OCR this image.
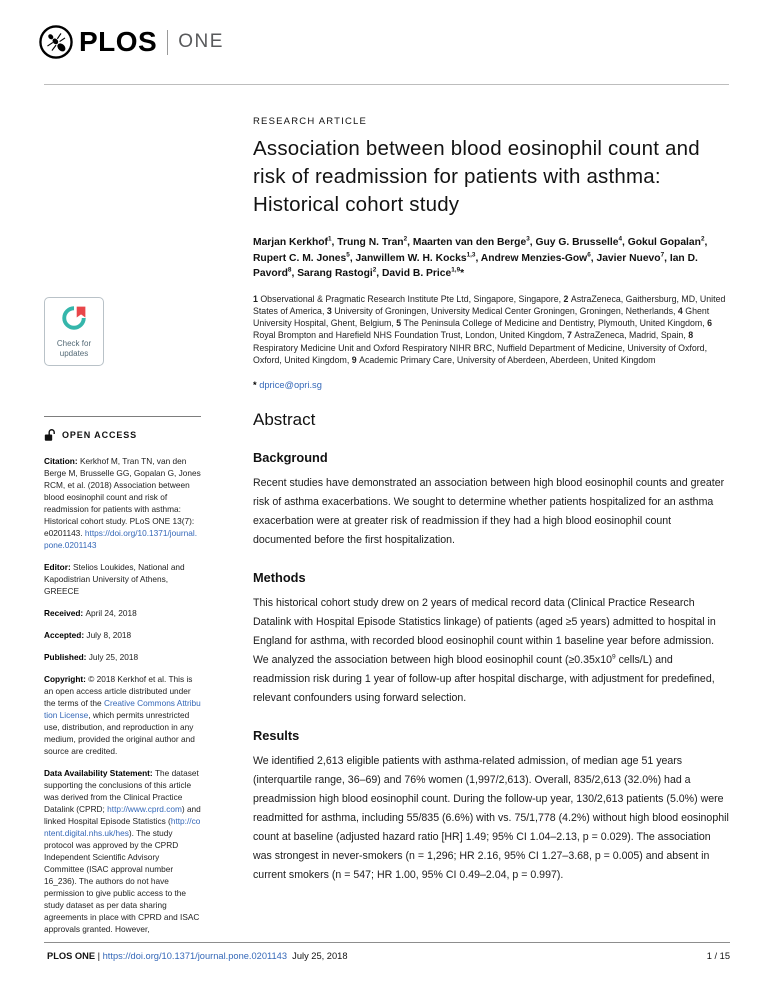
PLOS ONE
Check for
updates
OPEN ACCESS

Citation: Kerkhof M, Tran TN, van den Berge M, Brusselle GG, Gopalan G, Jones RCM, et al. (2018) Association between blood eosinophil count and risk of readmission for patients with asthma: Historical cohort study. PLoS ONE 13(7): e0201143. https://doi.org/10.1371/journal.pone.0201143

Editor: Stelios Loukides, National and Kapodistrian University of Athens, GREECE

Received: April 24, 2018

Accepted: July 8, 2018

Published: July 25, 2018

Copyright: © 2018 Kerkhof et al. This is an open access article distributed under the terms of the Creative Commons Attribution License, which permits unrestricted use, distribution, and reproduction in any medium, provided the original author and source are credited.

Data Availability Statement: The dataset supporting the conclusions of this article was derived from the Clinical Practice Datalink (CPRD; http://www.cprd.com) and linked Hospital Episode Statistics (http://content.digital.nhs.uk/hes). The study protocol was approved by the CPRD Independent Scientific Advisory Committee (ISAC approval number 16_236). The authors do not have permission to give public access to the study dataset as per data sharing agreements in place with CPRD and ISAC approvals granted. However,

RESEARCH ARTICLE
Association between blood eosinophil count and risk of readmission for patients with asthma: Historical cohort study

Marjan Kerkhof$^1$, Trung N. Tran$^2$, Maarten van den Berge$^3$, Guy G. Brusselle$^4$, Gokul Gopalan$^2$, Rupert C. M. Jones$^5$, Janwillem W. H. Kocks$^{1,3}$, Andrew Menzies-Gow$^6$, Javier Nuevo$^7$, Ian D. Pavord$^8$, Sarang Rastogi$^2$, David B. Price$^{1,9}$*

1 Observational & Pragmatic Research Institute Pte Ltd, Singapore, Singapore, 2 AstraZeneca, Gaithersburg, MD, United States of America, 3 University of Groningen, University Medical Center Groningen, Groningen, Netherlands, 4 Ghent University Hospital, Ghent, Belgium, 5 The Peninsula College of Medicine and Dentistry, Plymouth, United Kingdom, 6 Royal Brompton and Harefield NHS Foundation Trust, London, United Kingdom, 7 AstraZeneca, Madrid, Spain, 8 Respiratory Medicine Unit and Oxford Respiratory NIHR BRC, Nuffield Department of Medicine, University of Oxford, Oxford, United Kingdom, 9 Academic Primary Care, University of Aberdeen, Aberdeen, United Kingdom

* dprice@opri.sg

Abstract
Background

Recent studies have demonstrated an association between high blood eosinophil counts and greater risk of asthma exacerbations. We sought to determine whether patients hospitalized for an asthma exacerbation were at greater risk of readmission if they had a high blood eosinophil count documented before the first hospitalization.

Methods

This historical cohort study drew on 2 years of medical record data (Clinical Practice Research Datalink with Hospital Episode Statistics linkage) of patients (aged ≥5 years) admitted to hospital in England for asthma, with recorded blood eosinophil count within 1 baseline year before admission. We analyzed the association between high blood eosinophil count ($\ge 0.35x10^9$ cells/L) and readmission risk during 1 year of follow-up after hospital discharge, with adjustment for predefined, relevant confounders using forward selection.

Results

We identified 2,613 eligible patients with asthma-related admission, of median age 51 years (interquartile range, 36–69) and 76% women (1,997/2,613). Overall, 835/2,613 (32.0%) had a preadmission high blood eosinophil count. During the follow-up year, 130/2,613 patients (5.0%) were readmitted for asthma, including 55/835 (6.6%) with vs. 75/1,778 (4.2%) without high blood eosinophil count at baseline (adjusted hazard ratio [HR] 1.49; 95% CI 1.04–2.13, p = 0.029). The association was strongest in never-smokers (n = 1,296; HR 2.16, 95% CI 1.27–3.68, p = 0.005) and absent in current smokers (n = 547; HR 1.00, 95% CI 0.49–2.04, p = 0.997).

PLOS ONE | https://doi.org/10.1371/journal.pone.0201143  July 25, 2018	1 / 15
